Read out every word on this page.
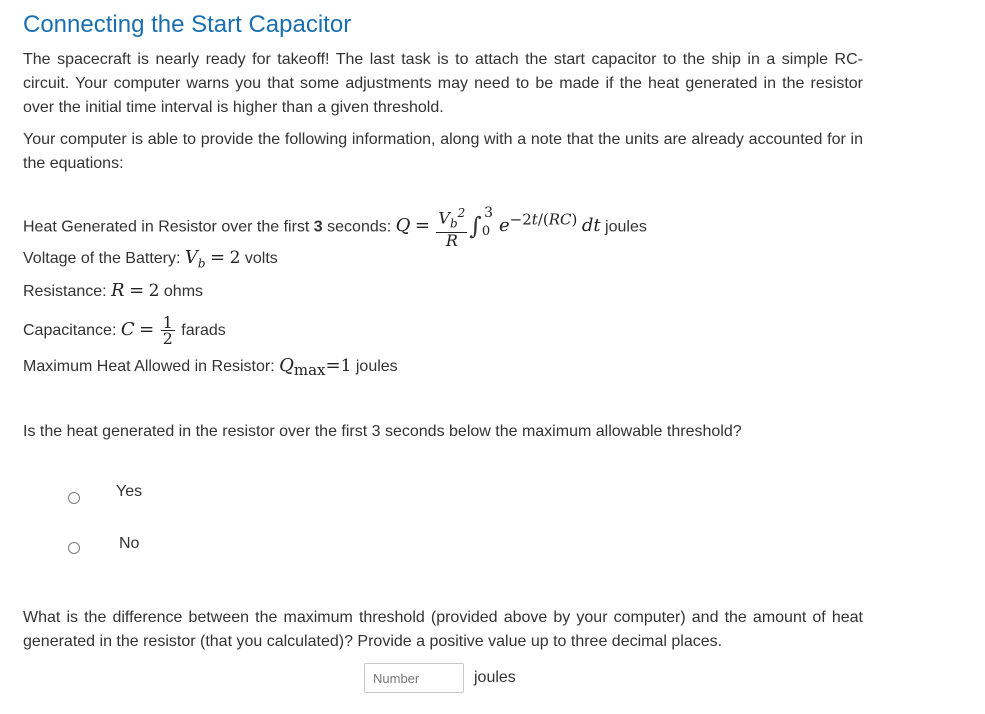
Connecting the Start Capacitor

The spacecraft is nearly ready for takeoff! The last task is to attach the start capacitor to the ship in a simple RC-circuit. Your computer warns you that some adjustments may need to be made if the heat generated in the resistor over the initial time interval is higher than a given threshold.

Your computer is able to provide the following information, along with a note that the units are already accounted for in the equations:

Heat Generated in Resistor over the first 3 seconds: $Q = \frac{V_b^2}{R} \int_0^3e^{-2t/(RC)}$ dt joules
Voltage of the Battery: $V_b = 2$ volts
Resistance: R = 2 ohms
Capacitance: $C = \frac{1}{2}$ farads
Maximum Heat Allowed in Resistor: $Q_{max}=1$ joules
Is the heat generated in the resistor over the first 3 seconds below the maximum allowable threshold?
Yes
No

What is the difference between the maximum threshold (provided above by your computer) and the amount of heat generated in the resistor (that you calculated)? Provide a positive value up to three decimal places.

Number
joules
